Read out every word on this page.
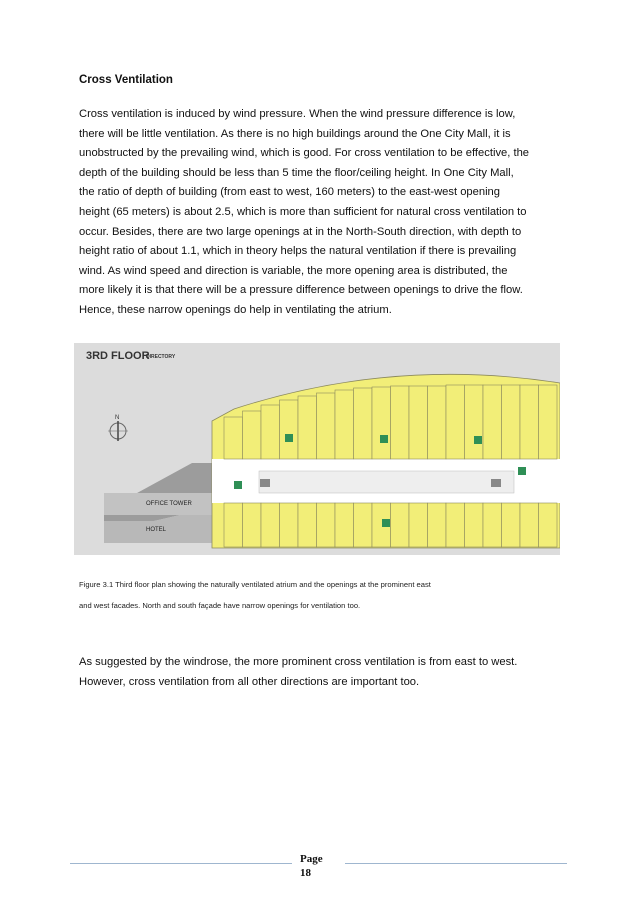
Cross Ventilation
Cross ventilation is induced by wind pressure. When the wind pressure difference is low,
there will be little ventilation. As there is no high buildings around the One City Mall, it is
unobstructed by the prevailing wind, which is good. For cross ventilation to be effective, the
depth of the building should be less than 5 time the floor/ceiling height. In One City Mall,
the ratio of depth of building (from east to west, 160 meters) to the east-west opening
height (65 meters) is about 2.5, which is more than sufficient for natural cross ventilation to
occur. Besides, there are two large openings at in the North-South direction, with depth to
height ratio of about 1.1, which in theory helps the natural ventilation if there is prevailing
wind. As wind speed and direction is variable, the more opening area is distributed, the
more likely it is that there will be a pressure difference between openings to drive the flow.
Hence, these narrow openings do help in ventilating the atrium.
3RD FLOOR
DIRECTORY
N
OFFICE TOWER
HOTEL
Figure 3.1 Third floor plan showing the naturally ventilated atrium and the openings at the prominent east
and west facades. North and south façade have narrow openings for ventilation too.
As suggested by the windrose, the more prominent cross ventilation is from east to west.
However, cross ventilation from all other directions are important too.
Page
18
